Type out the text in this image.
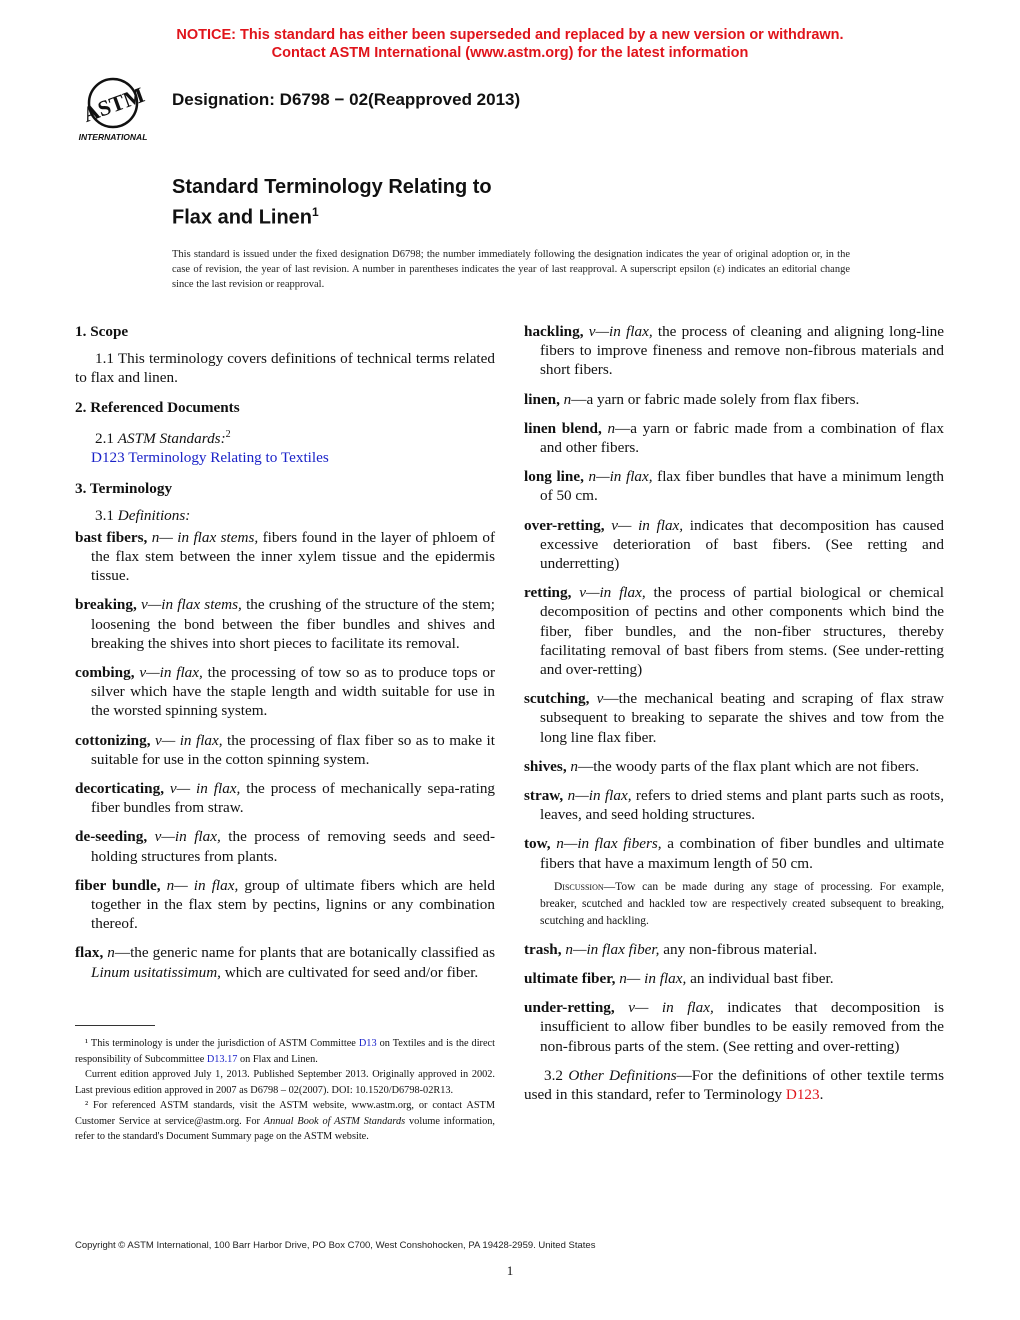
NOTICE: This standard has either been superseded and replaced by a new version or withdrawn.
Contact ASTM International (www.astm.org) for the latest information
ASTM
INTERNATIONAL
Designation: D6798 − 02(Reapproved 2013)
Standard Terminology Relating to
Flax and Linen$^1$
This standard is issued under the fixed designation D6798; the number immediately following the designation indicates the year of original adoption or, in the case of revision, the year of last revision. A number in parentheses indicates the year of last reapproval. A superscript epsilon (ε) indicates an editorial change since the last revision or reapproval.
1. Scope

1.1 This terminology covers definitions of technical terms related to flax and linen.

2. Referenced Documents

2.1 ASTM Standards:$^2$

D123 Terminology Relating to Textiles

3. Terminology

3.1 Definitions:

bast fibers, n— in flax stems, fibers found in the layer of phloem of the flax stem between the inner xylem tissue and the epidermis tissue.

breaking, v—in flax stems, the crushing of the structure of the stem; loosening the bond between the fiber bundles and shives and breaking the shives into short pieces to facilitate its removal.

combing, v—in flax, the processing of tow so as to produce tops or silver which have the staple length and width suitable for use in the worsted spinning system.

cottonizing, v— in flax, the processing of flax fiber so as to make it suitable for use in the cotton spinning system.

decorticating, v— in flax, the process of mechanically sepa-rating fiber bundles from straw.

de-seeding, v—in flax, the process of removing seeds and seed-holding structures from plants.

fiber bundle, n— in flax, group of ultimate fibers which are held together in the flax stem by pectins, lignins or any combination thereof.

flax, n—the generic name for plants that are botanically classified as Linum usitatissimum, which are cultivated for seed and/or fiber.

hackling, v—in flax, the process of cleaning and aligning long-line fibers to improve fineness and remove non-fibrous materials and short fibers.

linen, n—a yarn or fabric made solely from flax fibers.

linen blend, n—a yarn or fabric made from a combination of flax and other fibers.

long line, n—in flax, flax fiber bundles that have a minimum length of 50 cm.

over-retting, v— in flax, indicates that decomposition has caused excessive deterioration of bast fibers. (See retting and underretting)

retting, v—in flax, the process of partial biological or chemical decomposition of pectins and other components which bind the fiber, fiber bundles, and the non-fiber structures, thereby facilitating removal of bast fibers from stems. (See under-retting and over-retting)

scutching, v—the mechanical beating and scraping of flax straw subsequent to breaking to separate the shives and tow from the long line flax fiber.

shives, n—the woody parts of the flax plant which are not fibers.

straw, n—in flax, refers to dried stems and plant parts such as roots, leaves, and seed holding structures.

tow, n—in flax fibers, a combination of fiber bundles and ultimate fibers that have a maximum length of 50 cm.

Discussion—Tow can be made during any stage of processing. For example, breaker, scutched and hackled tow are respectively created subsequent to breaking, scutching and hackling.

trash, n—in flax fiber, any non-fibrous material.

ultimate fiber, n— in flax, an individual bast fiber.

under-retting, v— in flax, indicates that decomposition is insufficient to allow fiber bundles to be easily removed from the non-fibrous parts of the stem. (See retting and over-retting)

3.2 Other Definitions—For the definitions of other textile terms used in this standard, refer to Terminology D123.

¹ This terminology is under the jurisdiction of ASTM Committee D13 on Textiles and is the direct responsibility of Subcommittee D13.17 on Flax and Linen.

Current edition approved July 1, 2013. Published September 2013. Originally approved in 2002. Last previous edition approved in 2007 as D6798 – 02(2007). DOI: 10.1520/D6798-02R13.

² For referenced ASTM standards, visit the ASTM website, www.astm.org, or contact ASTM Customer Service at service@astm.org. For Annual Book of ASTM Standards volume information, refer to the standard's Document Summary page on the ASTM website.

Copyright © ASTM International, 100 Barr Harbor Drive, PO Box C700, West Conshohocken, PA 19428-2959. United States
1
